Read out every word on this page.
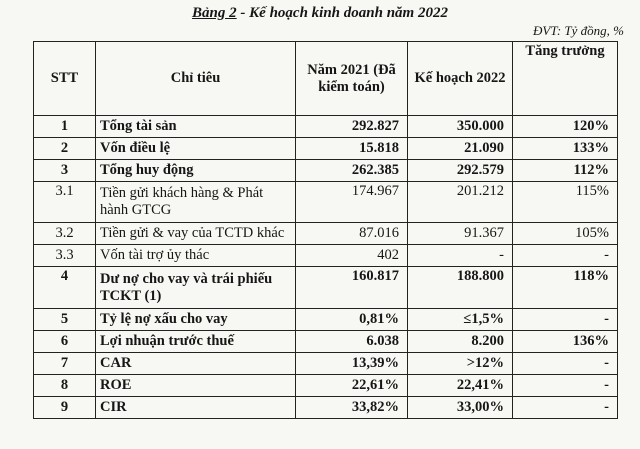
Bảng 2 - Kế hoạch kinh doanh năm 2022
ĐVT: Tỷ đồng, %
STT	Chỉ tiêu	Năm 2021 (Đã kiểm toán)	Kế hoạch 2022	Tăng trưởng
1	Tổng tài sản	292.827	350.000	120%
2	Vốn điều lệ	15.818	21.090	133%
3	Tổng huy động	262.385	292.579	112%
3.1	Tiền gửi khách hàng & Phát hành GTCG	174.967	201.212	115%
3.2	Tiền gửi & vay của TCTD khác	87.016	91.367	105%
3.3	Vốn tài trợ ủy thác	402	-	-
4	Dư nợ cho vay và trái phiếu TCKT (1)	160.817	188.800	118%
5	Tỷ lệ nợ xấu cho vay	0,81%	≤1,5%	-
6	Lợi nhuận trước thuế	6.038	8.200	136%
7	CAR	13,39%	>12%	-
8	ROE	22,61%	22,41%	-
9	CIR	33,82%	33,00%	-
